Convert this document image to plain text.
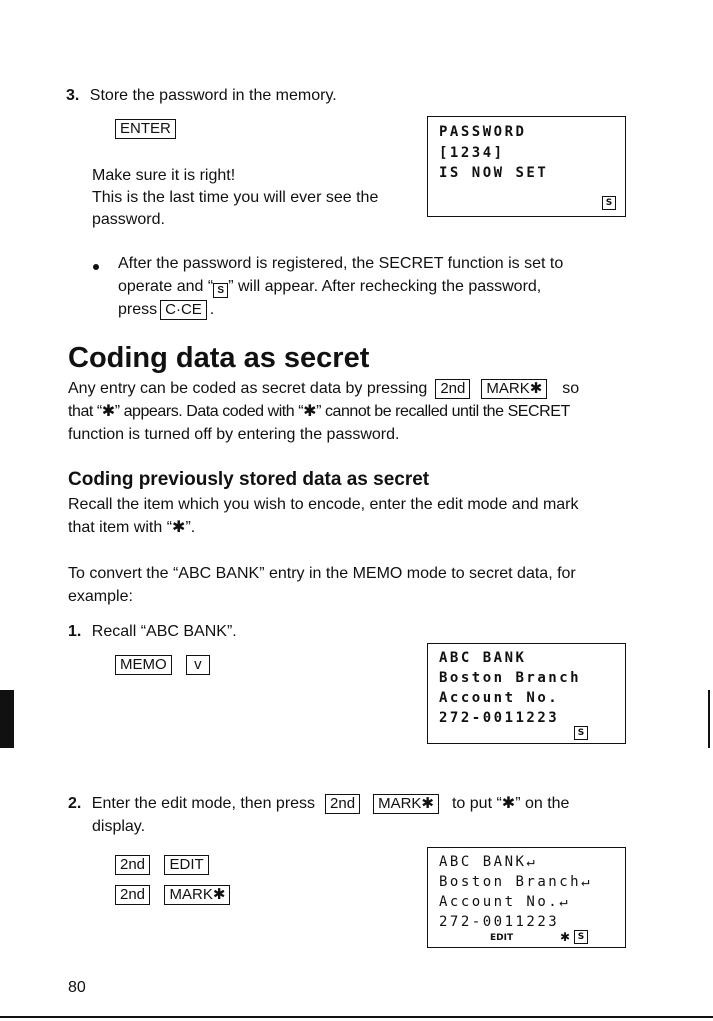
3. Store the password in the memory.
ENTER
Make sure it is right!
This is the last time you will ever see the
password.
PASSWORD
[1234]
IS NOW SET
S
After the password is registered, the SECRET function is set to
operate and “ S ” will appear. After rechecking the password,
press C·CE .
Coding data as secret
Any entry can be coded as secret data by pressing 2nd MARK✱ so
that “✱” appears. Data coded with “✱” cannot be recalled until the SECRET
function is turned off by entering the password.
Coding previously stored data as secret
Recall the item which you wish to encode, enter the edit mode and mark
that item with “✱”.
To convert the “ABC BANK” entry in the MEMO mode to secret data, for
example:
1. Recall “ABC BANK”.
MEMO v	ABC BANK
Boston Branch
Account No.
272-0011223
S
2. Enter the edit mode, then press 2nd MARK✱ to put “✱” on the
display.
2nd EDIT
2nd MARK✱
ABC BANK↵
Boston Branch↵
Account No.↵
272-0011223
EDIT	✱ S
80
